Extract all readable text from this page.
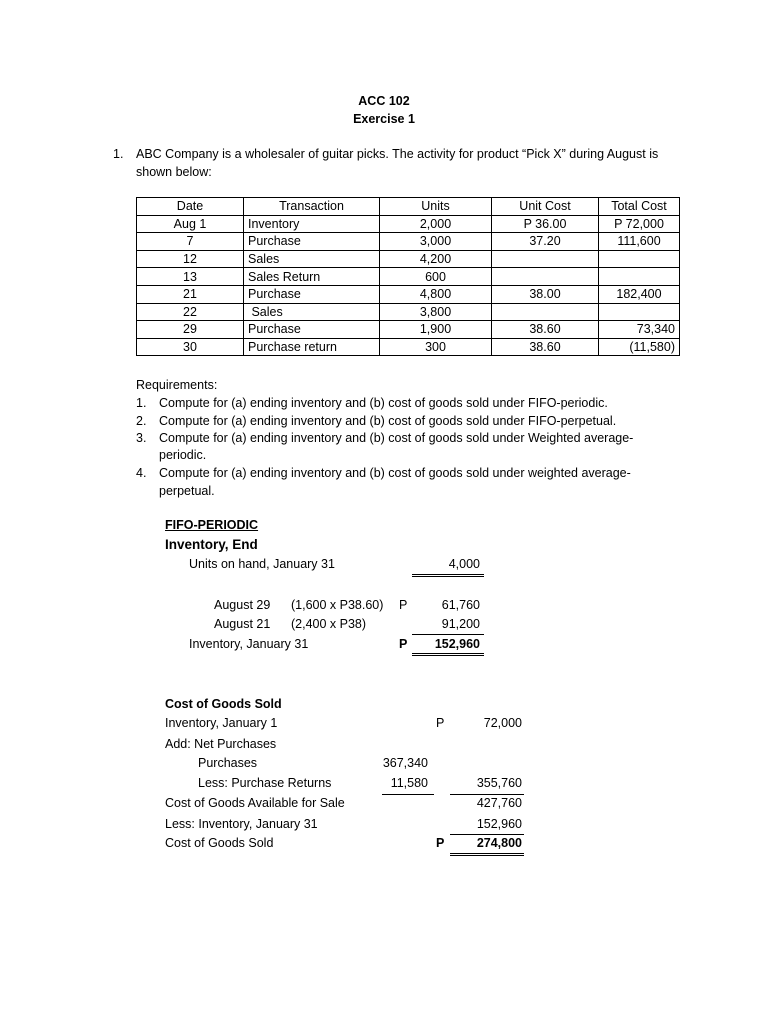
ACC 102
Exercise 1
1. ABC Company is a wholesaler of guitar picks. The activity for product “Pick X” during August is
shown below:
Date	Transaction	Units	Unit Cost	Total Cost
Aug 1	Inventory	2,000	P 36.00	P 72,000
7	Purchase	3,000	37.20	111,600
12	Sales	4,200		
13	Sales Return	600		
21	Purchase	4,800	38.00	182,400
22	Sales	3,800		
29	Purchase	1,900	38.60	73,340
30	Purchase return	300	38.60	(11,580)
Requirements:
1. Compute for (a) ending inventory and (b) cost of goods sold under FIFO-periodic.
2. Compute for (a) ending inventory and (b) cost of goods sold under FIFO-perpetual.
3. Compute for (a) ending inventory and (b) cost of goods sold under Weighted average-
periodic.
4. Compute for (a) ending inventory and (b) cost of goods sold under weighted average-
perpetual.
FIFO-PERIODIC
Inventory, End
Units on hand, January 31	4,000
August 29 (1,600 x P38.60) P	61,760
August 21 (2,400 x P38)	91,200
Inventory, January 31	P	152,960
Cost of Goods Sold
Inventory, January 1	P	72,000
Add: Net Purchases
Purchases	367,340
Less: Purchase Returns	11,580	355,760
Cost of Goods Available for Sale	427,760
Less: Inventory, January 31	152,960
Cost of Goods Sold	P	274,800
